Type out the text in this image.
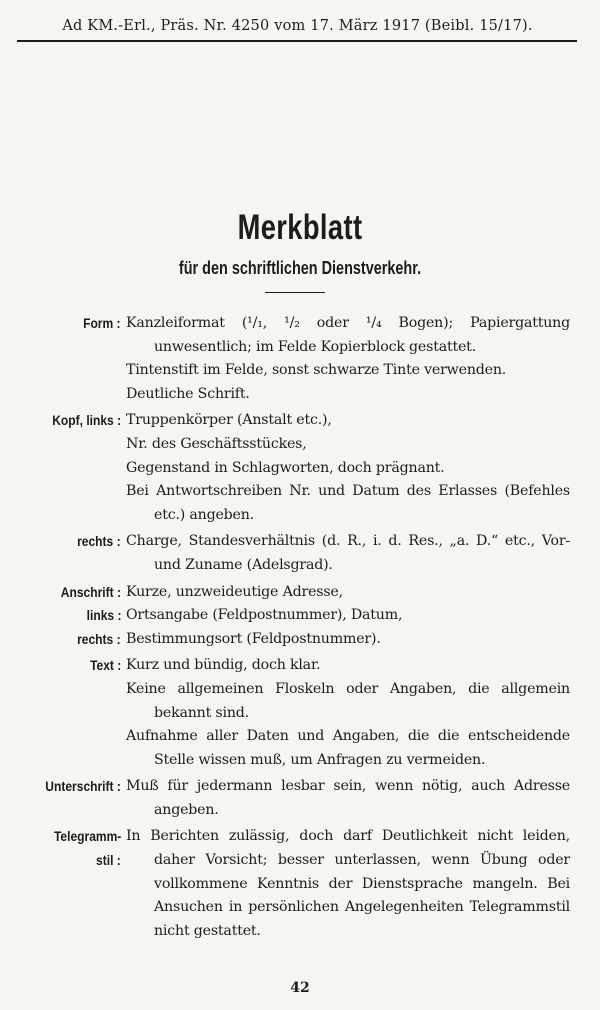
Ad KM.-Erl., Präs. Nr. 4250 vom 17. März 1917 (Beibl. 15/17).
Merkblatt
für den schriftlichen Dienstverkehr.
Form : Kanzleiformat (¹/₁, ¹/₂ oder ¹/₄ Bogen); Papiergattung unwesentlich; im Felde Kopierblock gestattet.
Tintenstift im Felde, sonst schwarze Tinte verwenden.
Deutliche Schrift.
Kopf, links : Truppenkörper (Anstalt etc.),
Nr. des Geschäftsstückes,
Gegenstand in Schlagworten, doch prägnant.
Bei Antwortschreiben Nr. und Datum des Erlasses (Befehles etc.) angeben.
rechts : Charge, Standesverhältnis (d. R., i. d. Res., „a. D.“ etc., Vor- und Zuname (Adelsgrad).
Anschrift : Kurze, unzweideutige Adresse,
links : Ortsangabe (Feldpostnummer), Datum,
rechts : Bestimmungsort (Feldpostnummer).
Text : Kurz und bündig, doch klar.
Keine allgemeinen Floskeln oder Angaben, die allgemein bekannt sind.
Aufnahme aller Daten und Angaben, die die entscheidende Stelle wissen muß, um Anfragen zu vermeiden.
Unterschrift : Muß für jedermann lesbar sein, wenn nötig, auch Adresse angeben.
Telegramm-
stil :
In Berichten zulässig, doch darf Deutlichkeit nicht leiden, daher Vorsicht; besser unterlassen, wenn Übung oder vollkommene Kenntnis der Dienstsprache mangeln. Bei Ansuchen in persönlichen Angelegenheiten Telegrammstil nicht gestattet.
42
